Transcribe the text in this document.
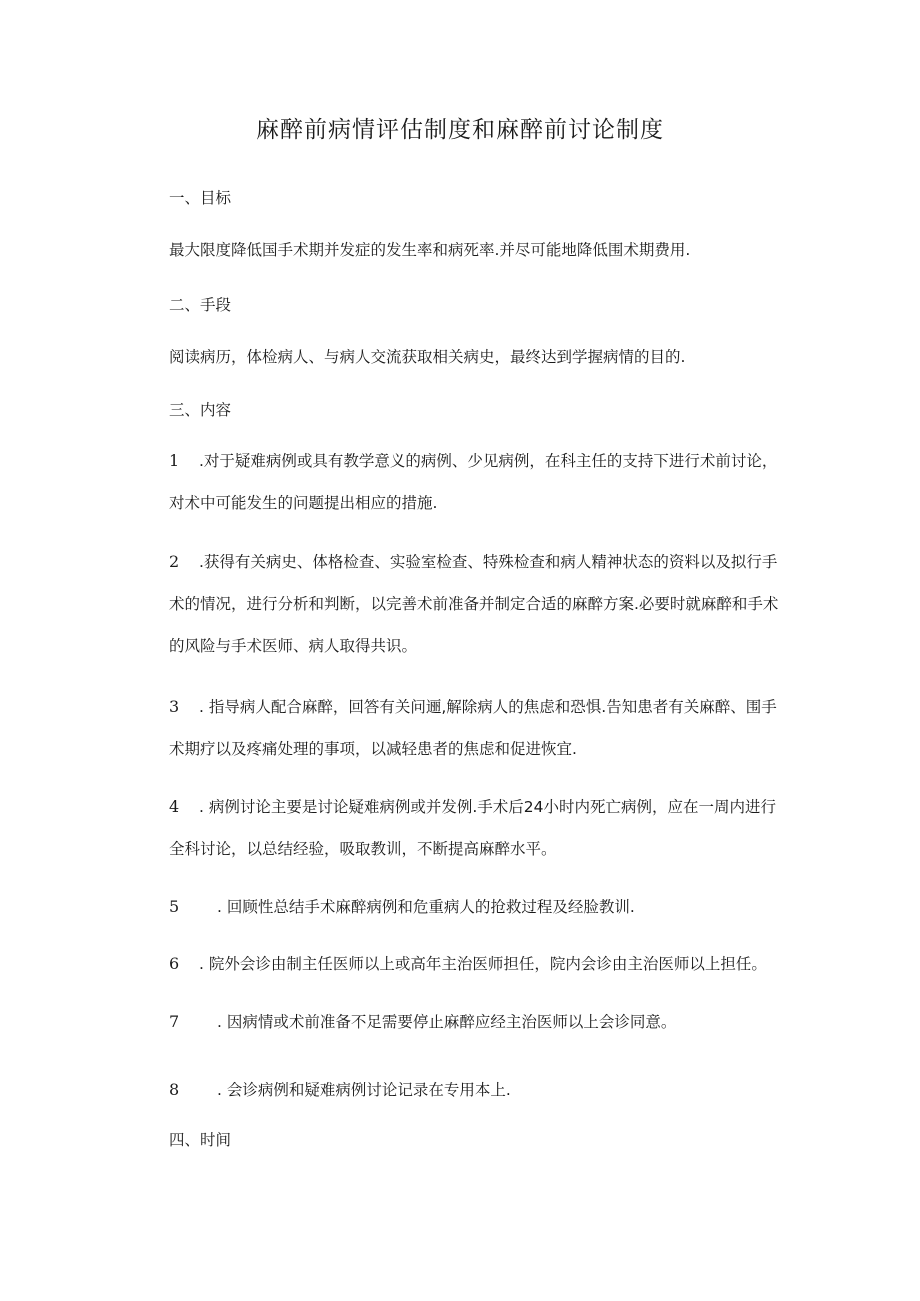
麻醉前病情评估制度和麻醉前讨论制度

一、目标

最大限度降低国手术期并发症的发生率和病死率.并尽可能地降低围术期费用.

二、手段

阅读病历，体检病人、与病人交流获取相关病史，最终达到学握病情的目的.

三、内容

1 .对于疑难病例或具有教学意义的病例、少见病例，在科主任的支持下进行术前讨论，对术中可能发生的问题提出相应的措施.

2 .获得有关病史、体格检查、实验室检查、特殊检查和病人精神状态的资料以及拟行手术的情况，进行分析和判断，以完善术前准备并制定合适的麻醉方案.必要时就麻醉和手术的风险与手术医师、病人取得共识。

3 . 指导病人配合麻醉，回答有关问逦,解除病人的焦虑和恐惧.告知患者有关麻醉、围手术期疗以及疼痛处理的事项，以减轻患者的焦虑和促进恢宜.

4 . 病例讨论主要是讨论疑难病例或并发例.手术后24小时内死亡病例，应在一周内进行全科讨论，以总结经验，吸取教训，不断提高麻醉水平。

5 . 回顾性总结手术麻醉病例和危重病人的抢救过程及经脸教训.

6 . 院外会诊由制主任医师以上或高年主治医师担任，院内会诊由主治医师以上担任。

7 . 因病情或术前准备不足需要停止麻醉应经主治医师以上会诊同意。

8 . 会诊病例和疑难病例讨论记录在专用本上.

四、时间
